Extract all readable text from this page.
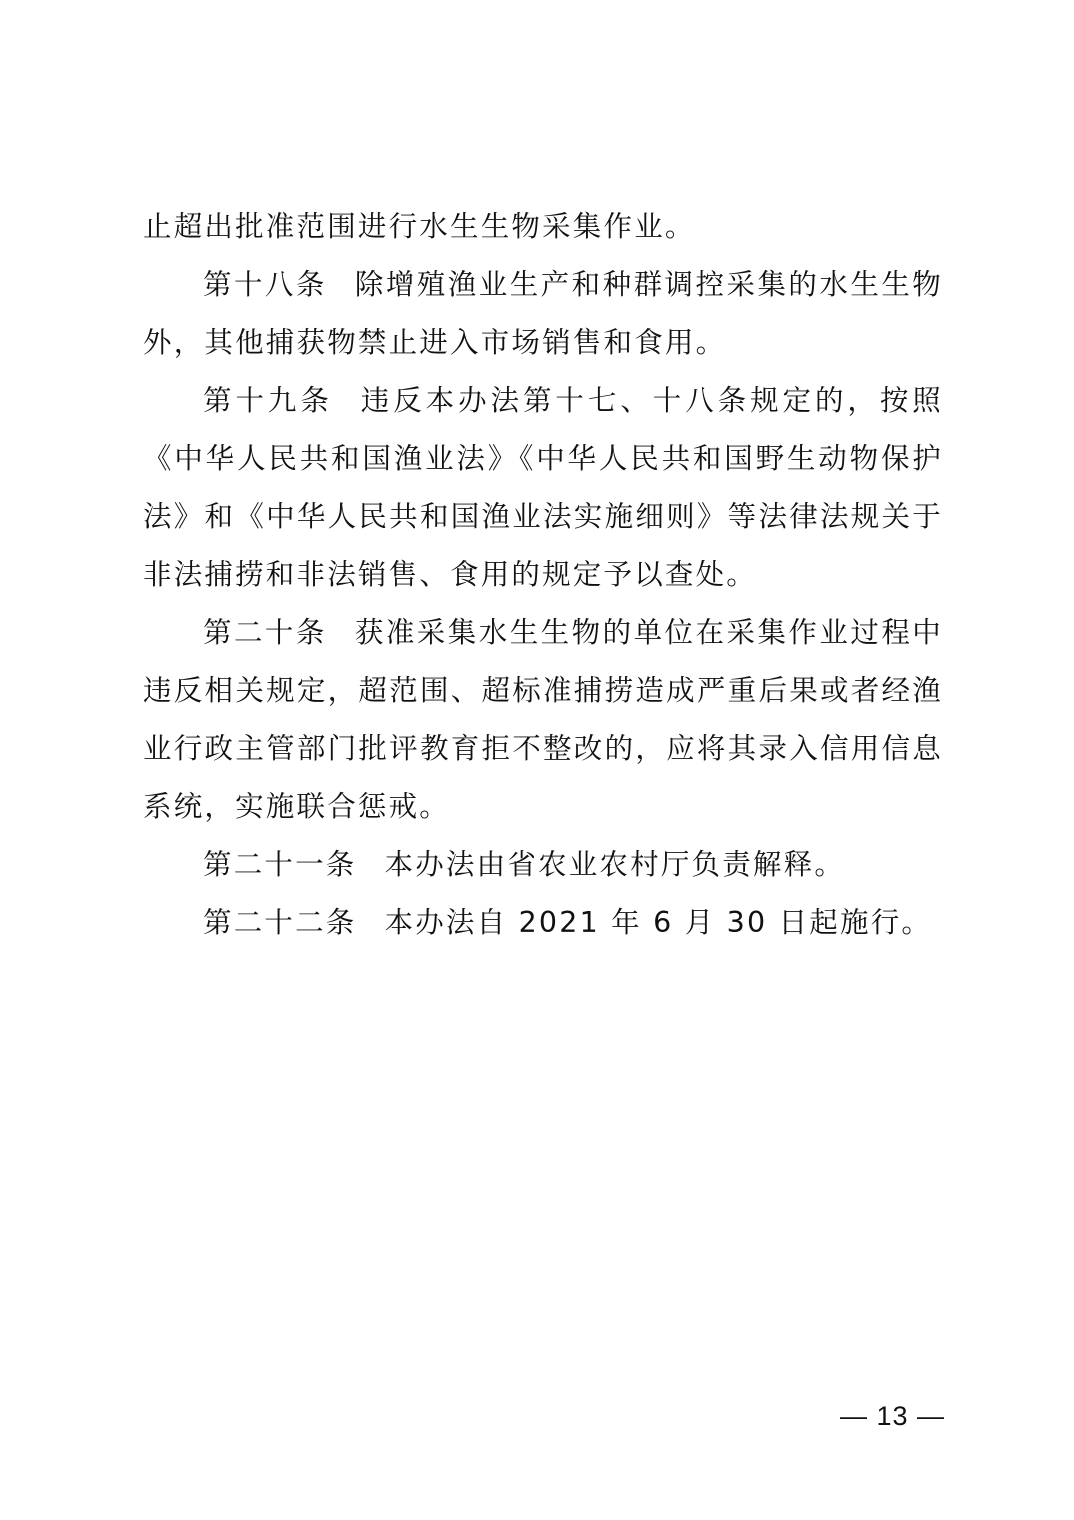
止超出批准范围进行水生生物采集作业。

第十八条 除增殖渔业生产和种群调控采集的水生生物外，其他捕获物禁止进入市场销售和食用。

第十九条 违反本办法第十七、十八条规定的，按照《中华人民共和国渔业法》《中华人民共和国野生动物保护法》和《中华人民共和国渔业法实施细则》等法律法规关于非法捕捞和非法销售、食用的规定予以查处。

第二十条 获准采集水生生物的单位在采集作业过程中违反相关规定，超范围、超标准捕捞造成严重后果或者经渔业行政主管部门批评教育拒不整改的，应将其录入信用信息系统，实施联合惩戒。

第二十一条 本办法由省农业农村厅负责解释。

第二十二条 本办法自 2021 年 6 月 30 日起施行。

— 13 —
